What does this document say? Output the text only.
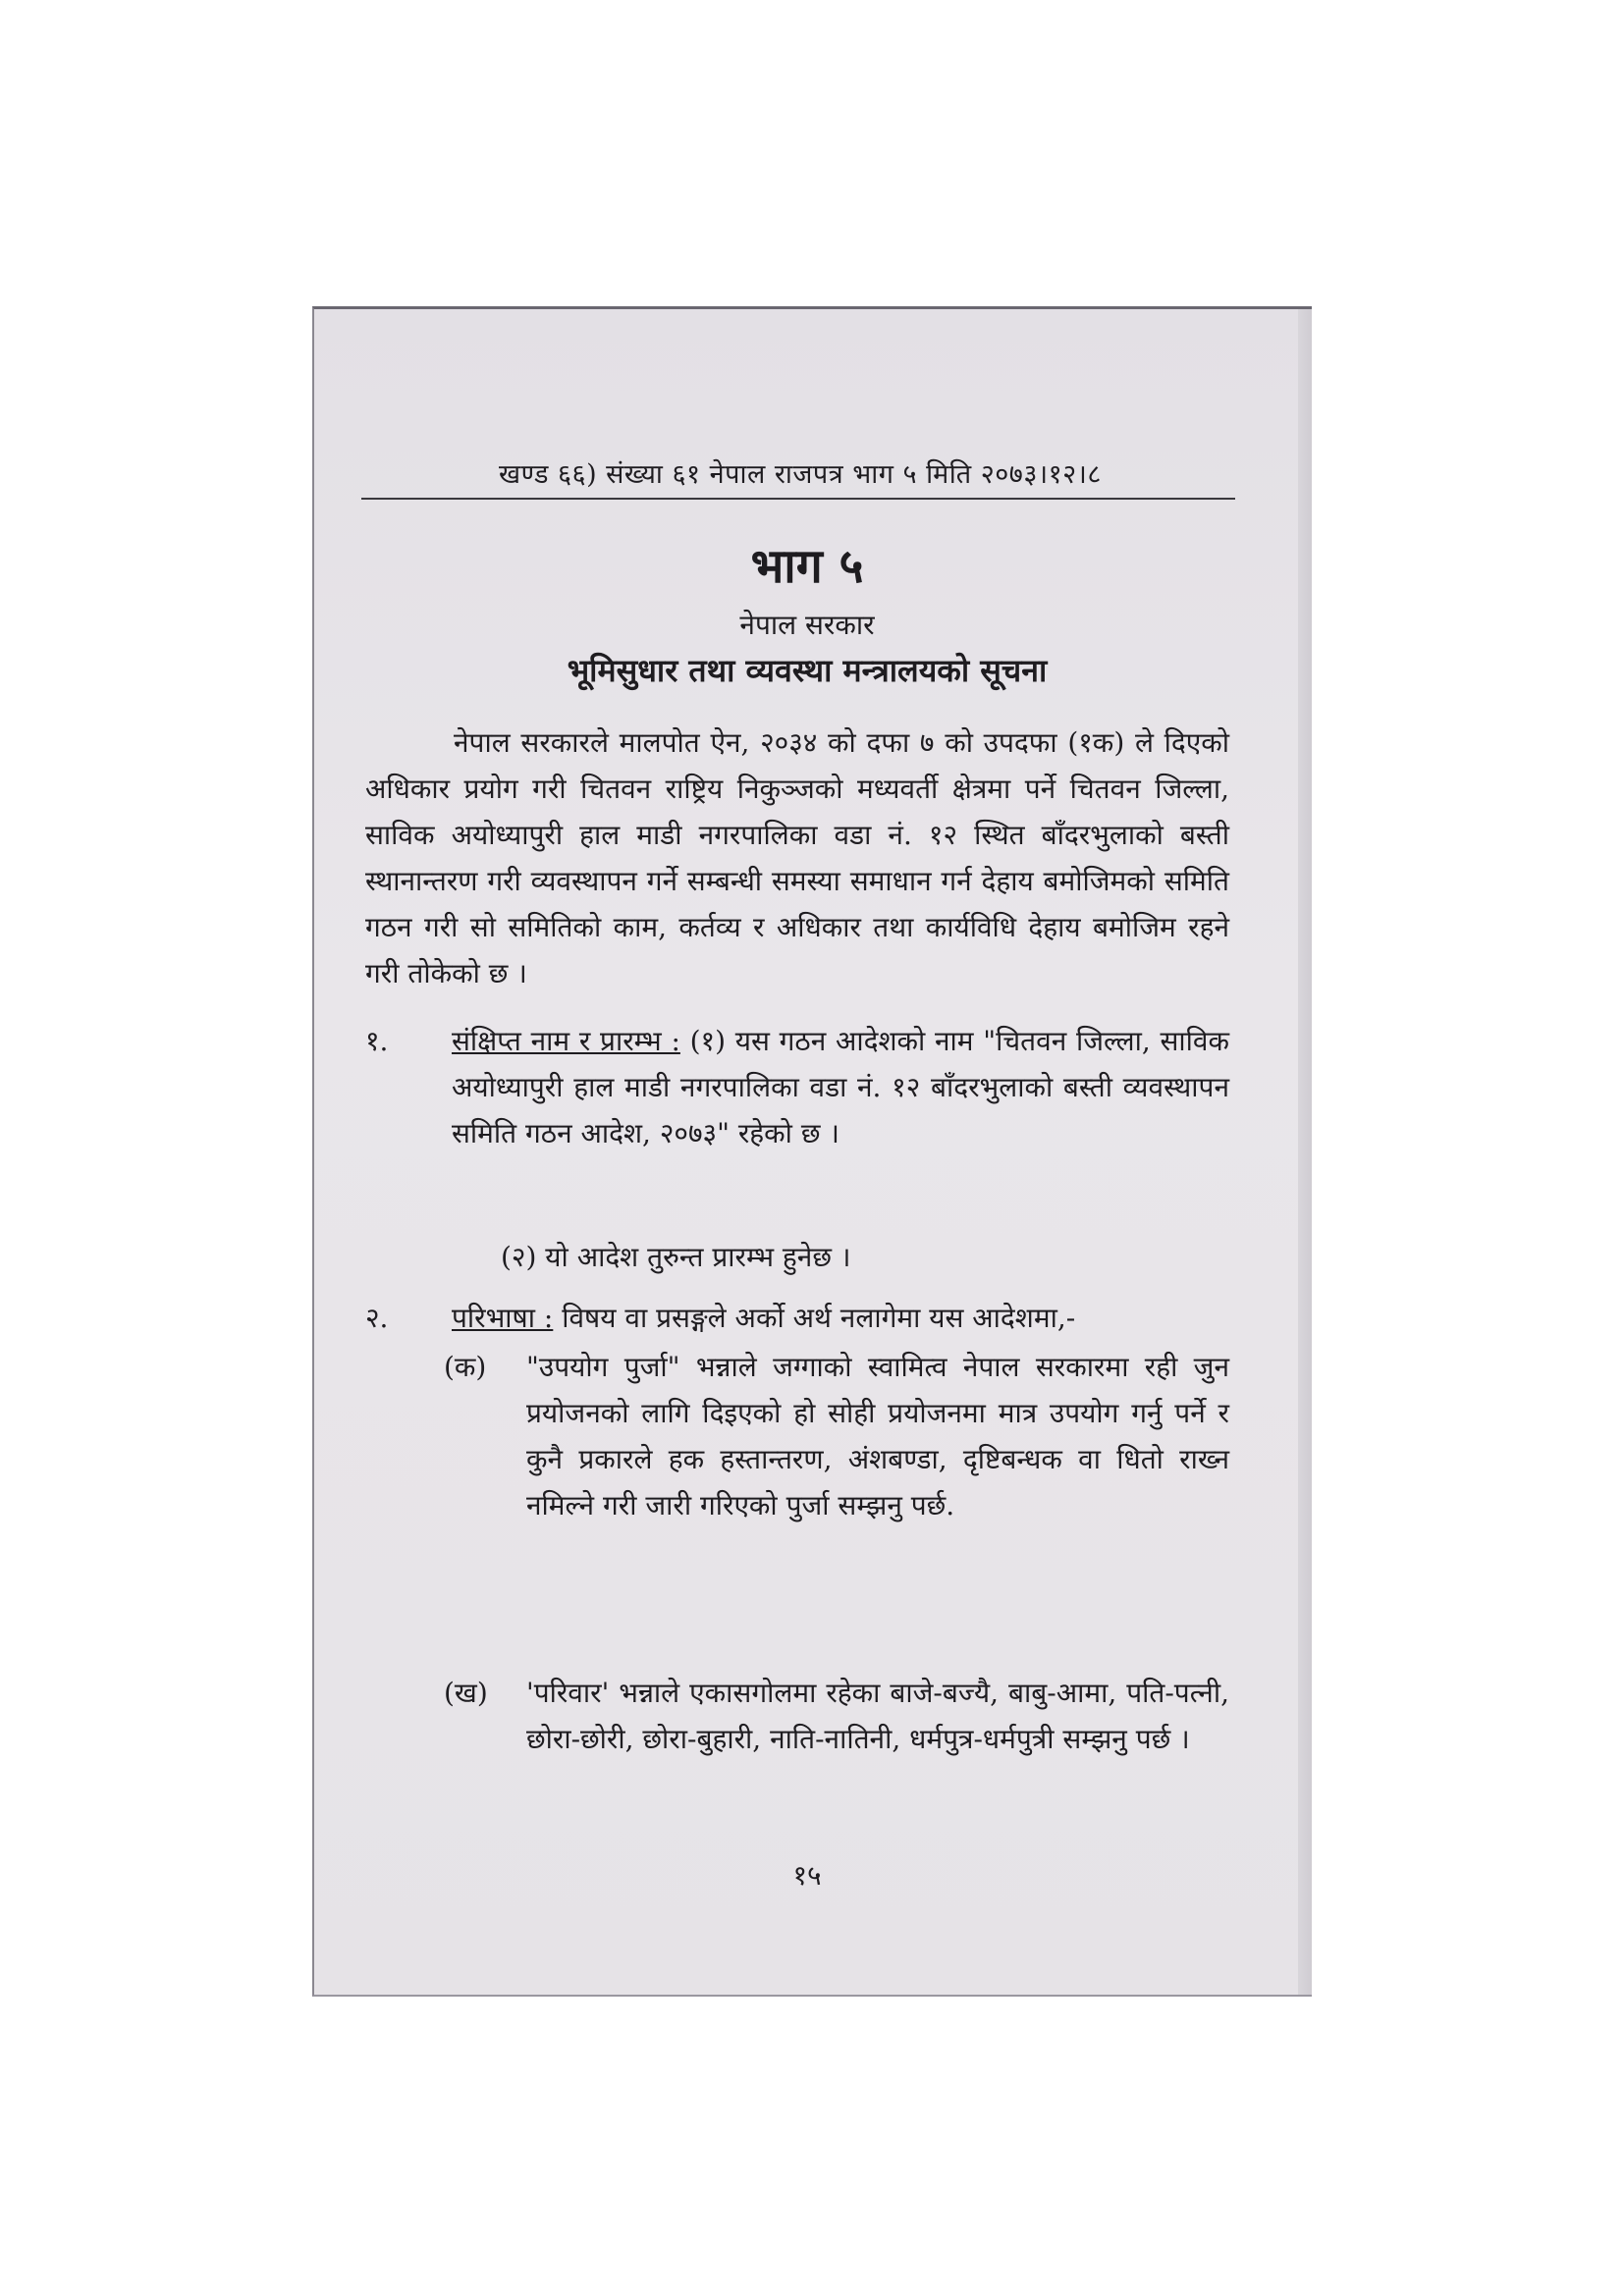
खण्ड ६६) संख्या ६१ नेपाल राजपत्र भाग ५ मिति २०७३।१२।८
भाग ५
नेपाल सरकार
भूमिसुधार तथा व्यवस्था मन्त्रालयको सूचना
नेपाल सरकारले मालपोत ऐन, २०३४ को दफा ७ को उपदफा (१क) ले दिएको अधिकार प्रयोग गरी चितवन राष्ट्रिय निकुञ्जको मध्यवर्ती क्षेत्रमा पर्ने चितवन जिल्ला, साविक अयोध्यापुरी हाल माडी नगरपालिका वडा नं. १२ स्थित बाँदरभुलाको बस्ती स्थानान्तरण गरी व्यवस्थापन गर्ने सम्बन्धी समस्या समाधान गर्न देहाय बमोजिमको समिति गठन गरी सो समितिको काम, कर्तव्य र अधिकार तथा कार्यविधि देहाय बमोजिम रहने गरी तोकेको छ ।
१. संक्षिप्त नाम र प्रारम्भ : (१) यस गठन आदेशको नाम "चितवन जिल्ला, साविक अयोध्यापुरी हाल माडी नगरपालिका वडा नं. १२ बाँदरभुलाको बस्ती व्यवस्थापन समिति गठन आदेश, २०७३" रहेको छ ।
(२) यो आदेश तुरुन्त प्रारम्भ हुनेछ ।
२. परिभाषा : विषय वा प्रसङ्गले अर्को अर्थ नलागेमा यस आदेशमा,-
(क) "उपयोग पुर्जा" भन्नाले जग्गाको स्वामित्व नेपाल सरकारमा रही जुन प्रयोजनको लागि दिइएको हो सोही प्रयोजनमा मात्र उपयोग गर्नु पर्ने र कुनै प्रकारले हक हस्तान्तरण, अंशबण्डा, दृष्टिबन्धक वा धितो राख्न नमिल्ने गरी जारी गरिएको पुर्जा सम्झनु पर्छ.
(ख) 'परिवार' भन्नाले एकासगोलमा रहेका बाजे-बज्यै, बाबु-आमा, पति-पत्नी, छोरा-छोरी, छोरा-बुहारी, नाति-नातिनी, धर्मपुत्र-धर्मपुत्री सम्झनु पर्छ ।
१५
